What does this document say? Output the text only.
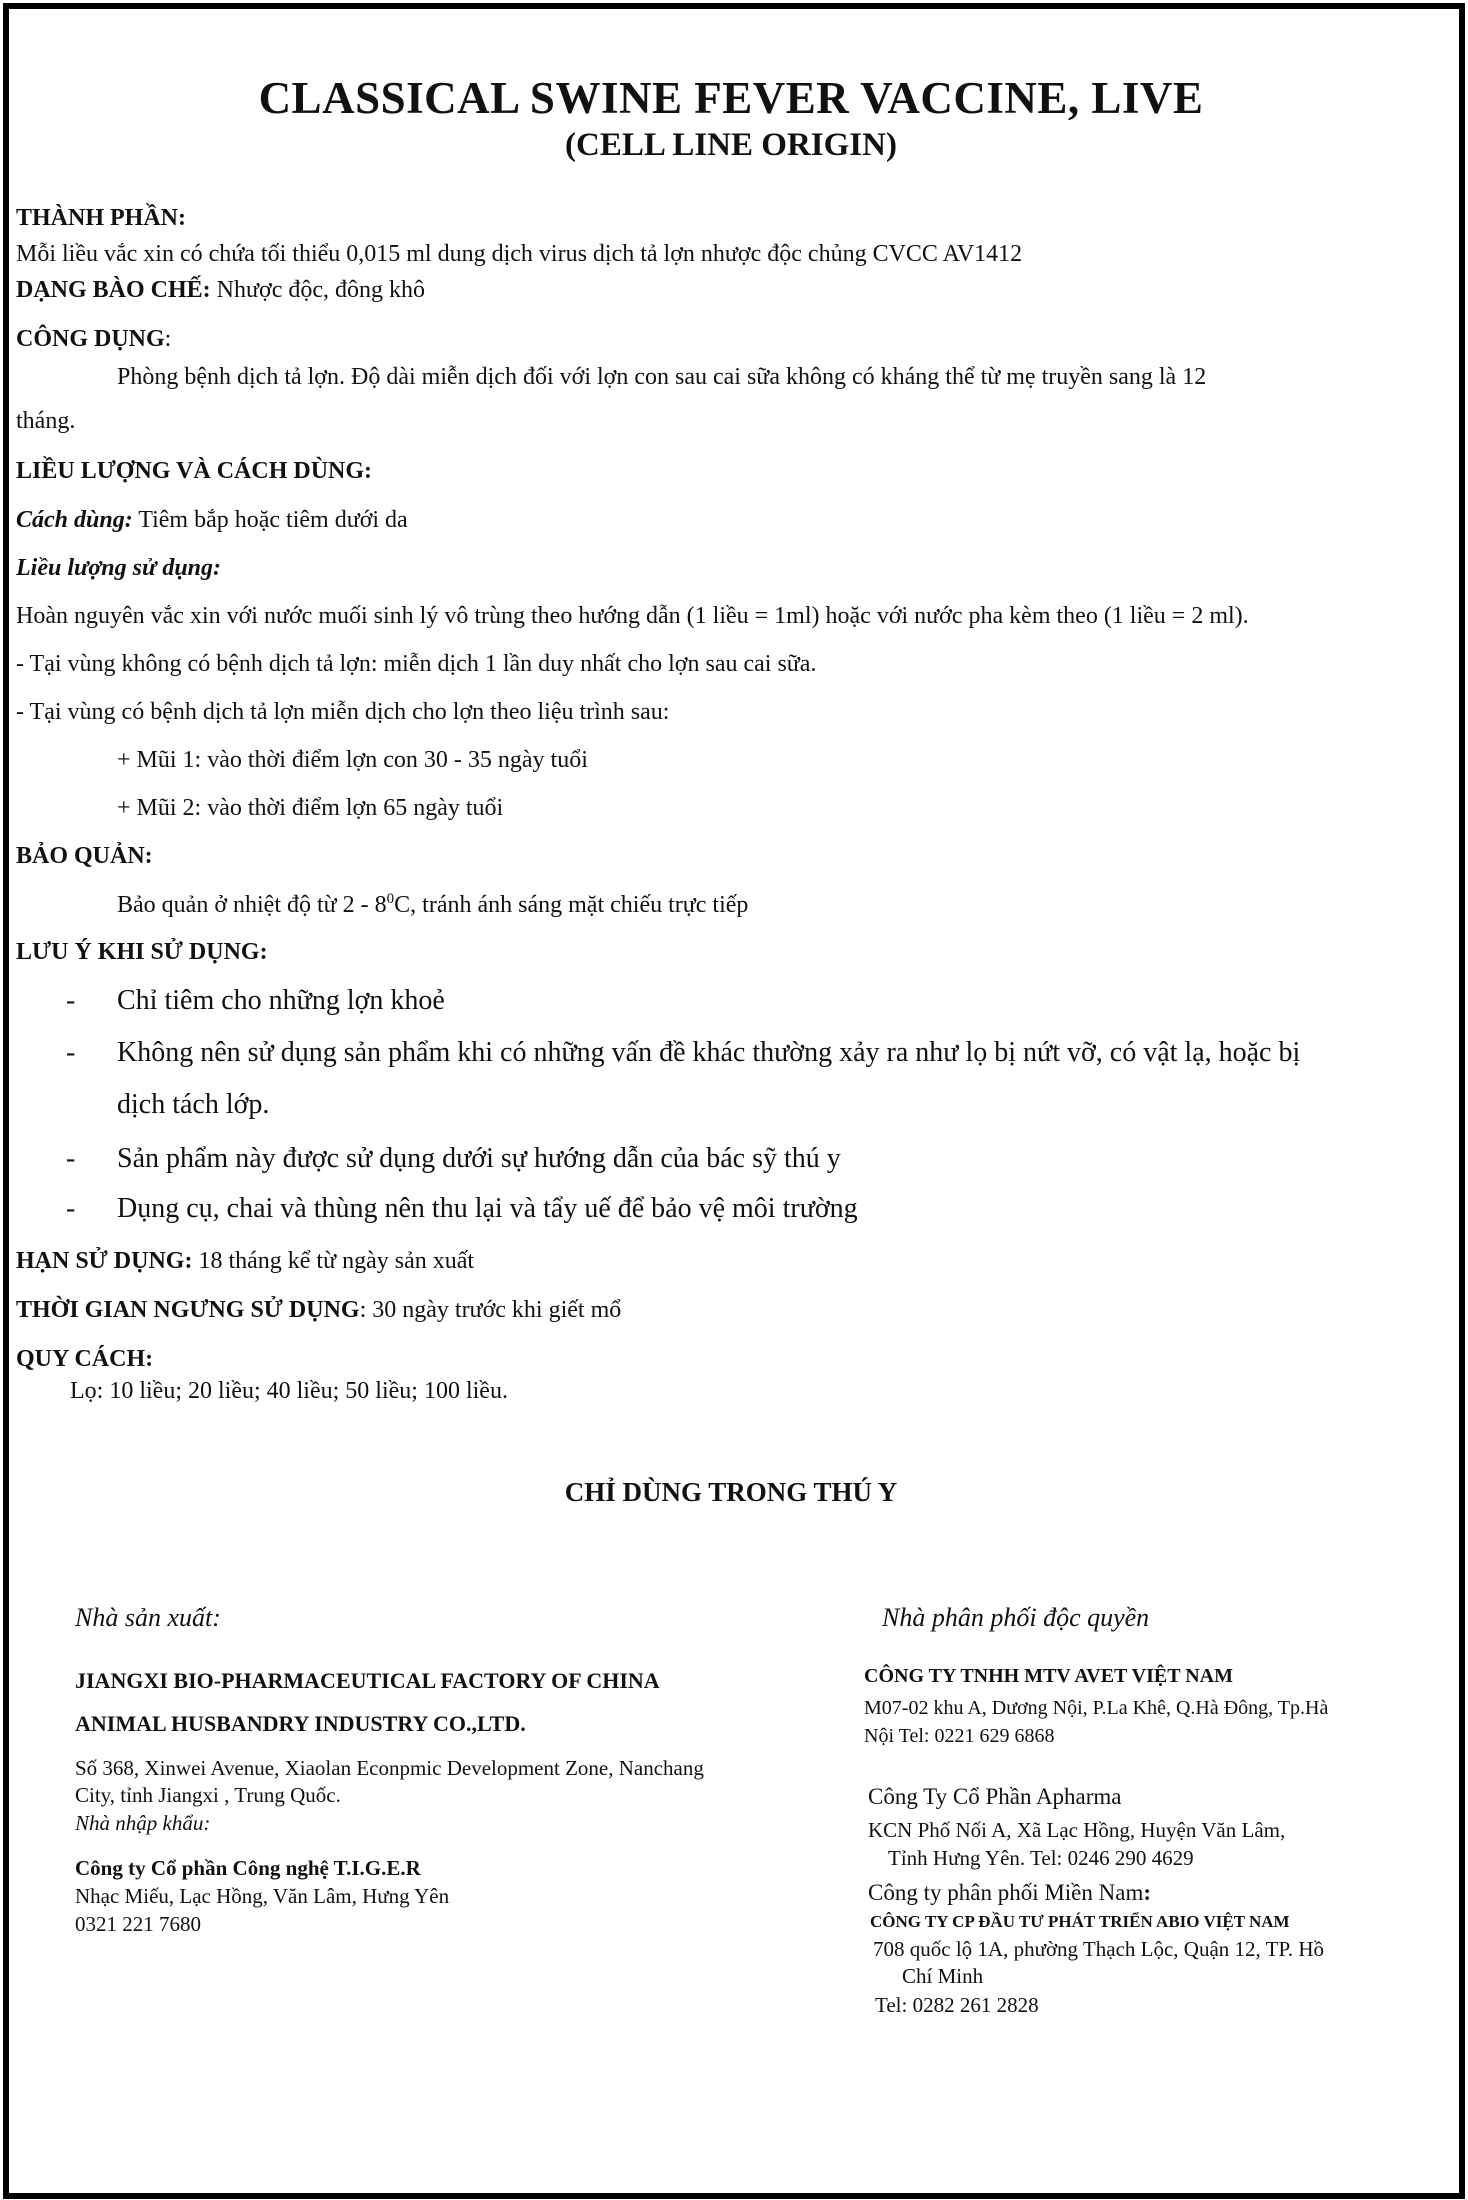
CLASSICAL SWINE FEVER VACCINE, LIVE
(CELL LINE ORIGIN)
THÀNH PHẦN:
Mỗi liều vắc xin có chứa tối thiểu 0,015 ml dung dịch virus dịch tả lợn nhược độc chủng CVCC AV1412
DẠNG BÀO CHẾ: Nhược độc, đông khô
CÔNG DỤNG:
Phòng bệnh dịch tả lợn. Độ dài miễn dịch đối với lợn con sau cai sữa không có kháng thể từ mẹ truyền sang là 12
tháng.
LIỀU LƯỢNG VÀ CÁCH DÙNG:
Cách dùng: Tiêm bắp hoặc tiêm dưới da
Liều lượng sử dụng:
Hoàn nguyên vắc xin với nước muối sinh lý vô trùng theo hướng dẫn (1 liều = 1ml) hoặc với nước pha kèm theo (1 liều = 2 ml).
- Tại vùng không có bệnh dịch tả lợn: miễn dịch 1 lần duy nhất cho lợn sau cai sữa.
- Tại vùng có bệnh dịch tả lợn miễn dịch cho lợn theo liệu trình sau:
+ Mũi 1: vào thời điểm lợn con 30 - 35 ngày tuổi
+ Mũi 2: vào thời điểm lợn 65 ngày tuổi
BẢO QUẢN:
Bảo quản ở nhiệt độ từ $2 - 8^0C$, tránh ánh sáng mặt chiếu trực tiếp
LƯU Ý KHI SỬ DỤNG:
- Chỉ tiêm cho những lợn khoẻ
- Không nên sử dụng sản phẩm khi có những vấn đề khác thường xảy ra như lọ bị nứt vỡ, có vật lạ, hoặc bị
dịch tách lớp.
- Sản phẩm này được sử dụng dưới sự hướng dẫn của bác sỹ thú y
- Dụng cụ, chai và thùng nên thu lại và tẩy uế để bảo vệ môi trường
HẠN SỬ DỤNG: 18 tháng kể từ ngày sản xuất
THỜI GIAN NGƯNG SỬ DỤNG: 30 ngày trước khi giết mổ
QUY CÁCH:
Lọ: 10 liều; 20 liều; 40 liều; 50 liều; 100 liều.
CHỈ DÙNG TRONG THÚ Y
Nhà sản xuất:
JIANGXI BIO-PHARMACEUTICAL FACTORY OF CHINA
ANIMAL HUSBANDRY INDUSTRY CO.,LTD.
Số 368, Xinwei Avenue, Xiaolan Econpmic Development Zone, Nanchang
City, tỉnh Jiangxi , Trung Quốc.
Nhà nhập khẩu:
Công ty Cổ phần Công nghệ T.I.G.E.R
Nhạc Miếu, Lạc Hồng, Văn Lâm, Hưng Yên
0321 221 7680
Nhà phân phối độc quyền
CÔNG TY TNHH MTV AVET VIỆT NAM
M07-02 khu A, Dương Nội, P.La Khê, Q.Hà Đông, Tp.Hà
Nội Tel: 0221 629 6868
Công Ty Cổ Phần Apharma
KCN Phố Nối A, Xã Lạc Hồng, Huyện Văn Lâm,
Tỉnh Hưng Yên. Tel: 0246 290 4629
Công ty phân phối Miền Nam:
CÔNG TY CP ĐẦU TƯ PHÁT TRIỂN ABIO VIỆT NAM
708 quốc lộ 1A, phường Thạch Lộc, Quận 12, TP. Hồ
Chí Minh
Tel: 0282 261 2828
